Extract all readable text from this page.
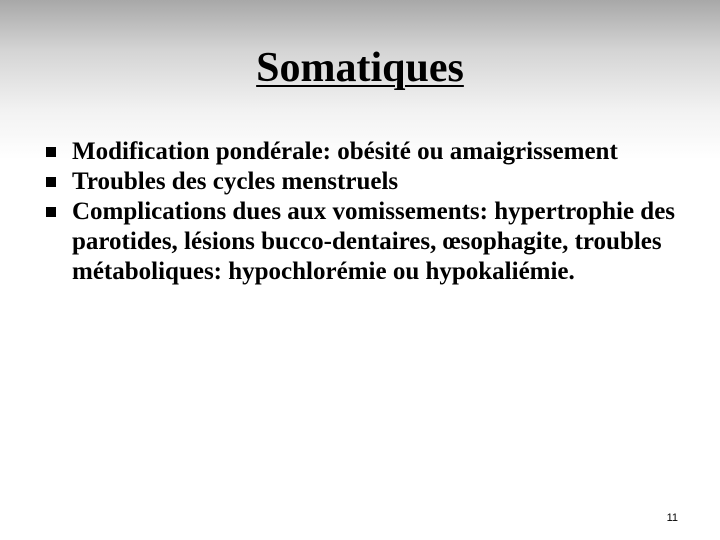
Somatiques
Modification pondérale: obésité ou amaigrissement
Troubles des cycles menstruels
Complications dues aux vomissements: hypertrophie des parotides, lésions bucco-dentaires, œsophagite, troubles métaboliques: hypochlorémie ou hypokaliémie.
11
